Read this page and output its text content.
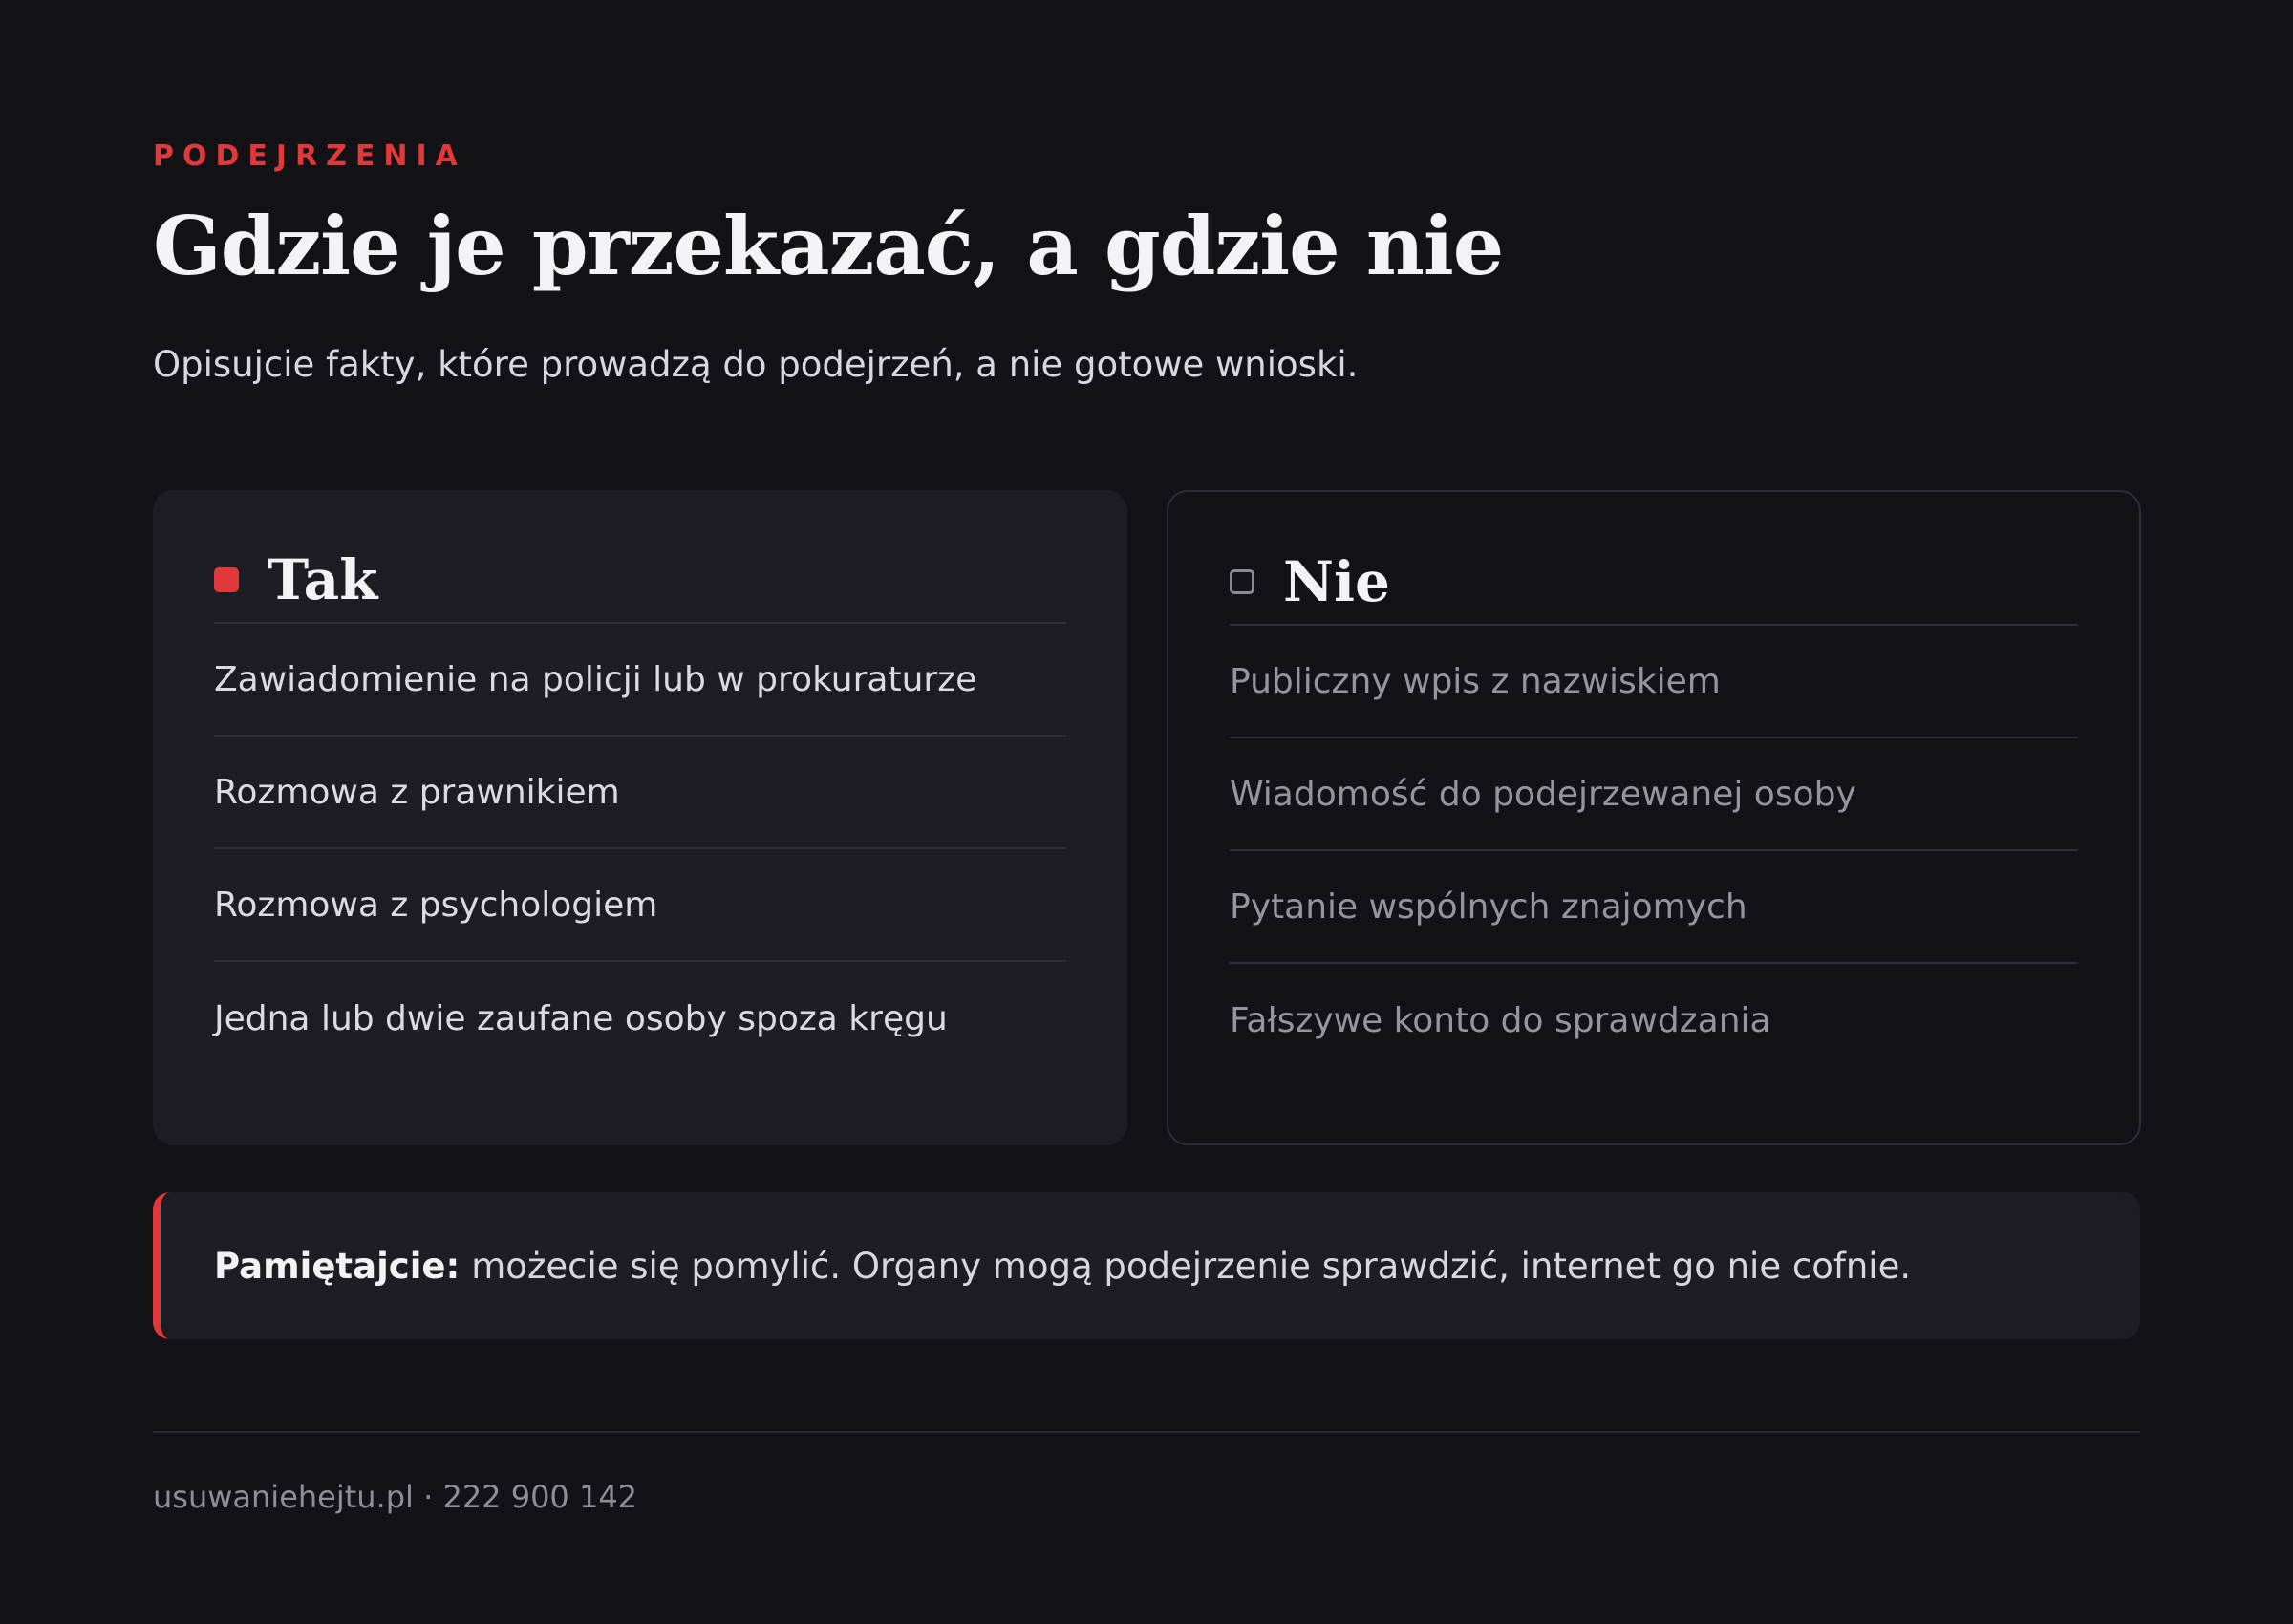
PODEJRZENIA
Gdzie je przekazać, a gdzie nie

Opisujcie fakty, które prowadzą do podejrzeń, a nie gotowe wnioski.

Tak
Zawiadomienie na policji lub w prokuraturze
Rozmowa z prawnikiem
Rozmowa z psychologiem
Jedna lub dwie zaufane osoby spoza kręgu
Nie
Publiczny wpis z nazwiskiem
Wiadomość do podejrzewanej osoby
Pytanie wspólnych znajomych
Fałszywe konto do sprawdzania
Pamiętajcie: możecie się pomylić. Organy mogą podejrzenie sprawdzić, internet go nie cofnie.
usuwaniehejtu.pl · 222 900 142
